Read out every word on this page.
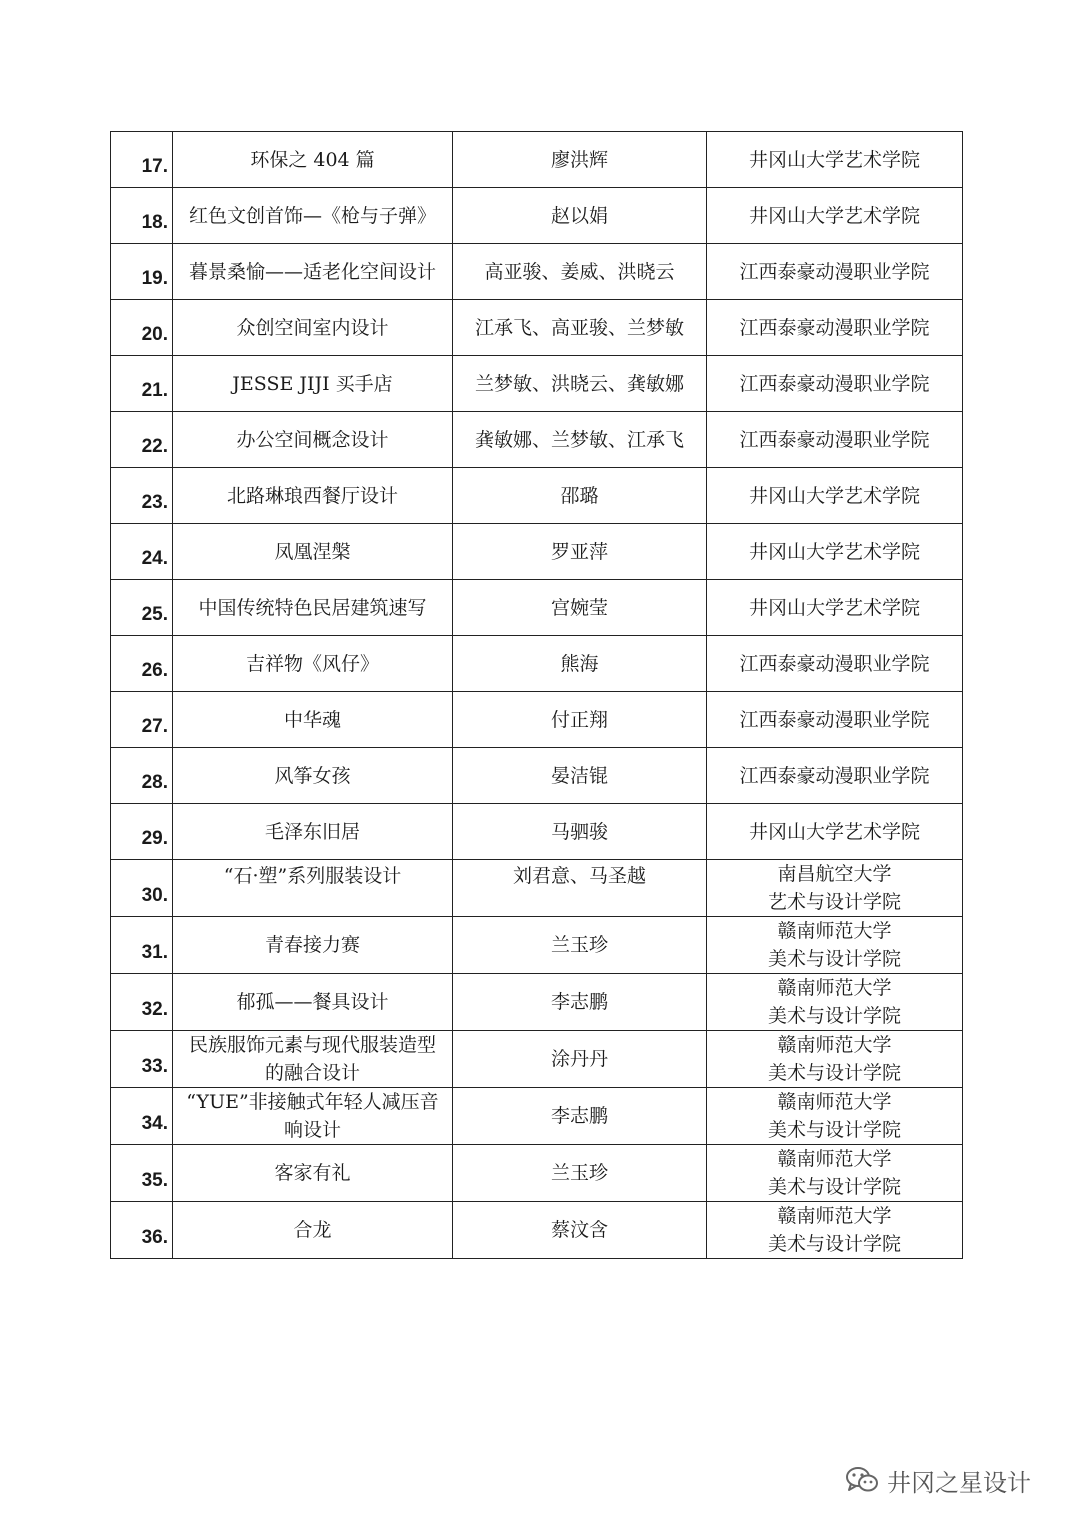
17.	环保之 404 篇	廖洪辉	井冈山大学艺术学院
18.	红色文创首饰—《枪与子弹》	赵以娟	井冈山大学艺术学院
19.	暮景桑愉——适老化空间设计	高亚骏、姜威、洪晓云	江西泰豪动漫职业学院
20.	众创空间室内设计	江承飞、高亚骏、兰梦敏	江西泰豪动漫职业学院
21.	JESSE JIJI 买手店	兰梦敏、洪晓云、龚敏娜	江西泰豪动漫职业学院
22.	办公空间概念设计	龚敏娜、兰梦敏、江承飞	江西泰豪动漫职业学院
23.	北路琳琅西餐厅设计	邵璐	井冈山大学艺术学院
24.	凤凰涅槃	罗亚萍	井冈山大学艺术学院
25.	中国传统特色民居建筑速写	宫婉莹	井冈山大学艺术学院
26.	吉祥物《风仔》	熊海	江西泰豪动漫职业学院
27.	中华魂	付正翔	江西泰豪动漫职业学院
28.	风筝女孩	晏洁锟	江西泰豪动漫职业学院
29.	毛泽东旧居	马驷骏	井冈山大学艺术学院
30.	“石·塑”系列服装设计	刘君意、马圣越	南昌航空大学
艺术与设计学院

31.	青春接力赛	兰玉珍	赣南师范大学
美术与设计学院

32.	郁孤——餐具设计	李志鹏	赣南师范大学
美术与设计学院

33.	民族服饰元素与现代服装造型
的融合设计	涂丹丹	赣南师范大学
美术与设计学院

34.	“YUE”非接触式年轻人减压音
响设计	李志鹏	赣南师范大学
美术与设计学院

35.	客家有礼	兰玉珍	赣南师范大学
美术与设计学院

36.	合龙	蔡汶含	赣南师范大学
美术与设计学院
井冈之星设计
